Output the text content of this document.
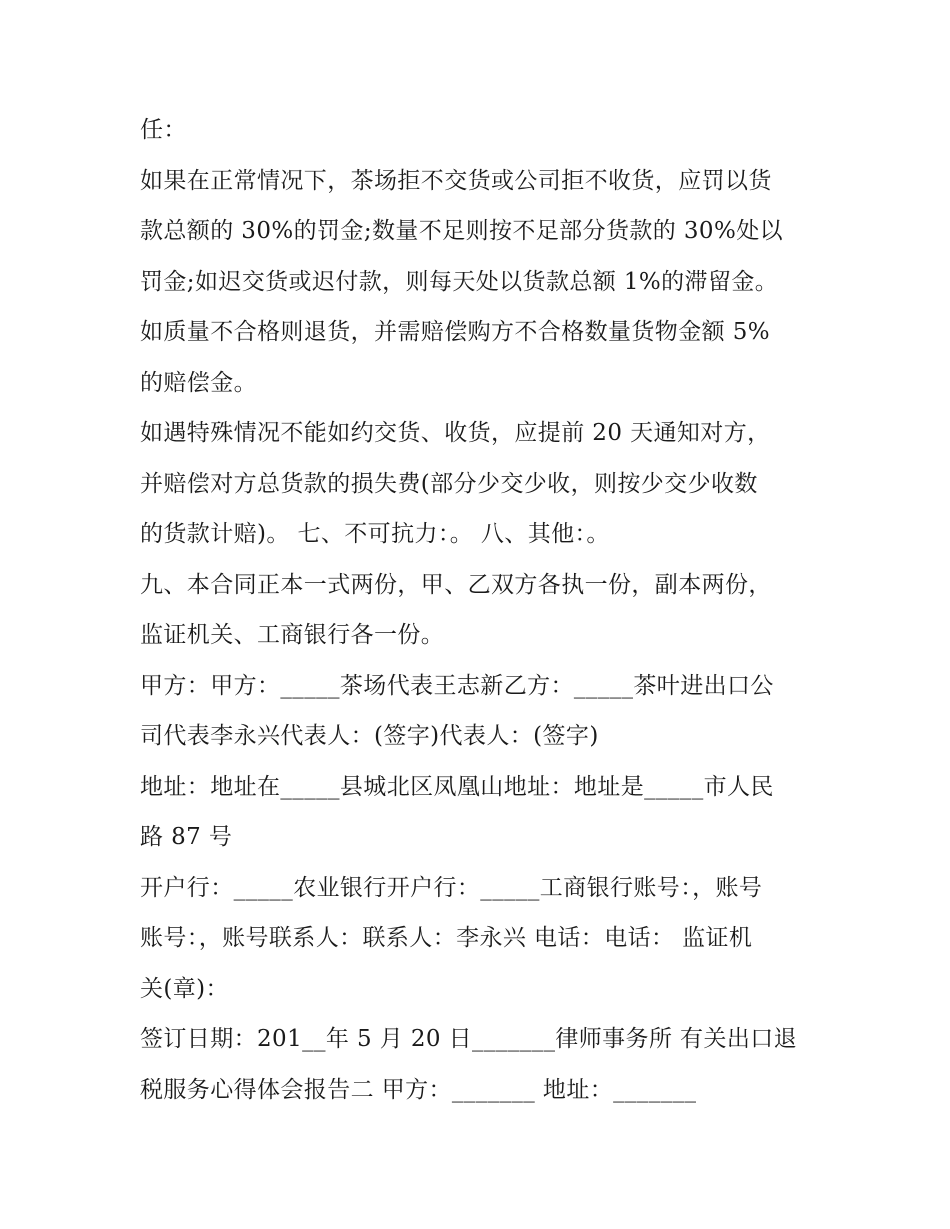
任：
如果在正常情况下，茶场拒不交货或公司拒不收货，应罚以货
款总额的 30%的罚金;数量不足则按不足部分货款的 30%处以
罚金;如迟交货或迟付款，则每天处以货款总额 1%的滞留金。
如质量不合格则退货，并需赔偿购方不合格数量货物金额 5%
的赔偿金。
如遇特殊情况不能如约交货、收货，应提前 20 天通知对方，
并赔偿对方总货款的损失费(部分少交少收，则按少交少收数
的货款计赔)。 七、不可抗力：。 八、其他：。
九、本合同正本一式两份，甲、乙双方各执一份，副本两份，
监证机关、工商银行各一份。
甲方：甲方：_____茶场代表王志新乙方：_____茶叶进出口公
司代表李永兴代表人：(签字)代表人：(签字)
地址：地址在_____县城北区凤凰山地址：地址是_____市人民
路 87 号
开户行：_____农业银行开户行：_____工商银行账号：，账号
账号：，账号联系人：联系人：李永兴 电话：电话： 监证机
关(章)：
签订日期：201__年 5 月 20 日_______律师事务所 有关出口退
税服务心得体会报告二 甲方：_______ 地址：_______
